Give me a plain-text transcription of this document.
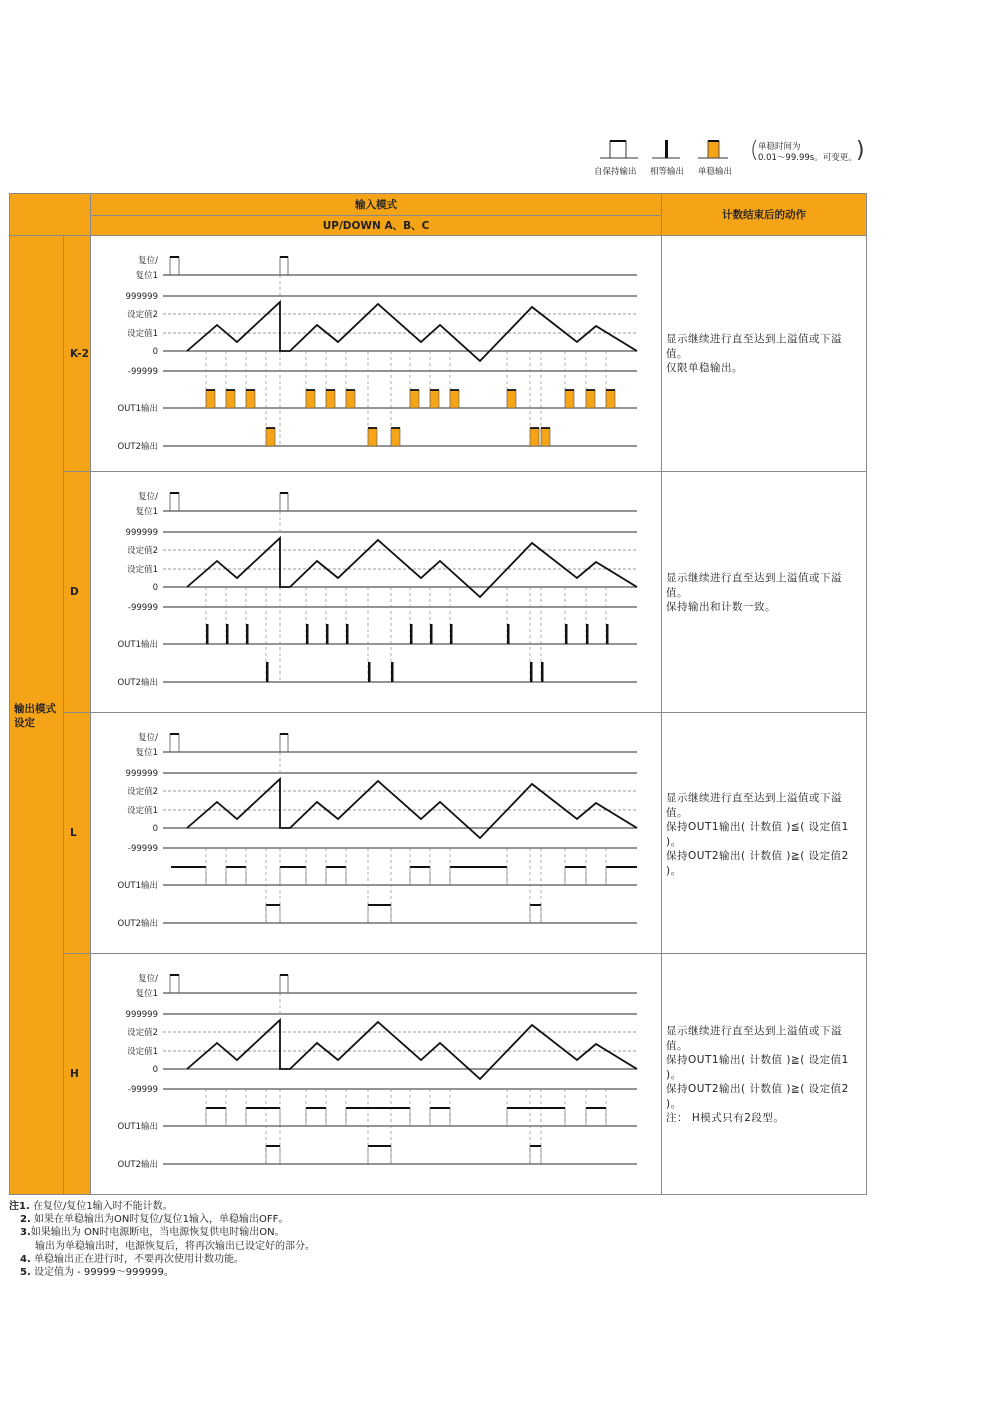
自保持输出 相等输出 单稳输出
( 单稳时间为
0.01～99.99s。可变更。 )
输入模式
UP/DOWN A、B、C
计数结束后的动作
输出模式设定
K-2
复位/
复位1
999999
设定值2
设定值1
0
-99999
OUT1输出
OUT2输出
显示继续进行直至达到上溢值或下溢值。
仅限单稳输出。
D
复位/
复位1
999999
设定值2
设定值1
0
-99999
OUT1输出
OUT2输出
显示继续进行直至达到上溢值或下溢值。
保持输出和计数一致。
L
复位/
复位1
999999
设定值2
设定值1
0
-99999
OUT1输出
OUT2输出
显示继续进行直至达到上溢值或下溢值。
保持OUT1输出( 计数值 )≦( 设定值1 )。
保持OUT2输出( 计数值 )≧( 设定值2 )。
H
复位/
复位1
999999
设定值2
设定值1
0
-99999
OUT1输出
OUT2输出
显示继续进行直至达到上溢值或下溢值。
保持OUT1输出( 计数值 )≧( 设定值1 )。
保持OUT2输出( 计数值 )≧( 设定值2 )。
注： H模式只有2段型。
注1. 在复位/复位1输入时不能计数。
2. 如果在单稳输出为ON时复位/复位1输入，单稳输出OFF。
3.如果输出为 ON时电源断电，当电源恢复供电时输出ON。
输出为单稳输出时，电源恢复后，将再次输出已设定好的部分。
4. 单稳输出正在进行时，不要再次使用计数功能。
5. 设定值为 - 99999～999999。
